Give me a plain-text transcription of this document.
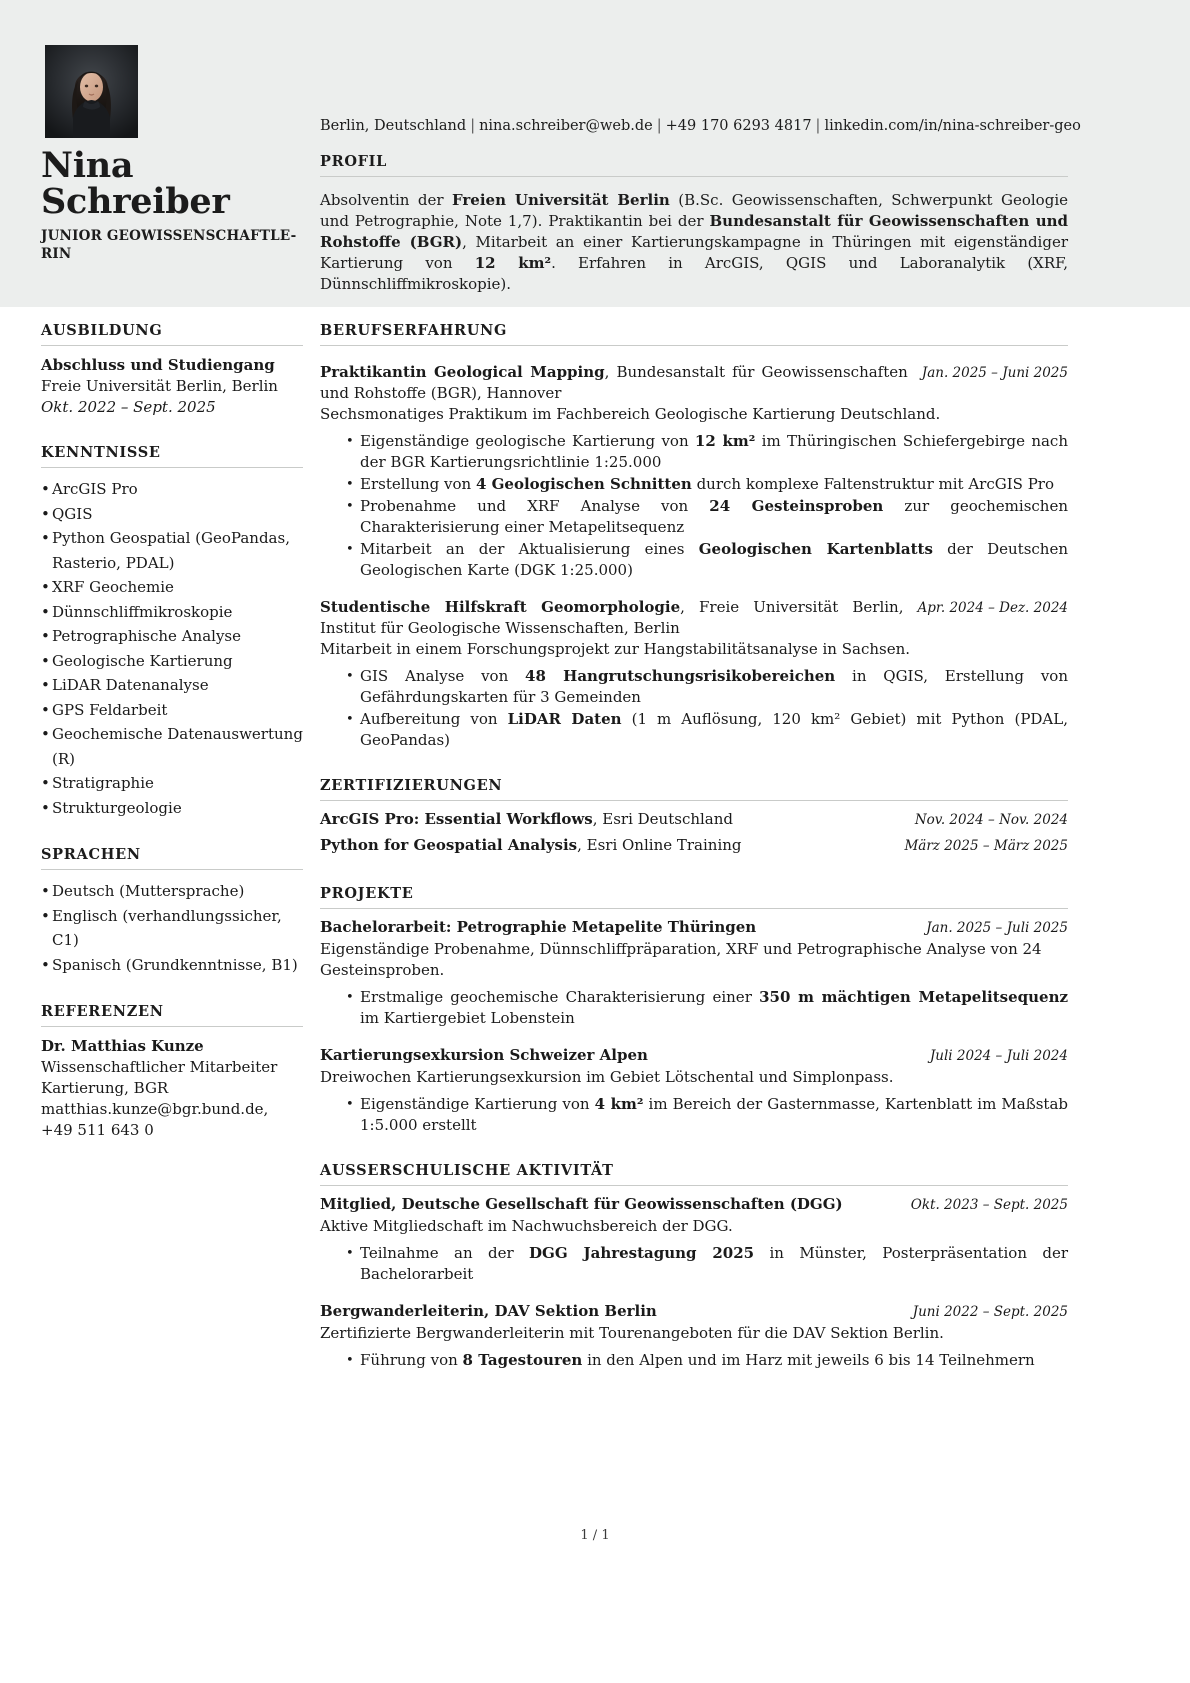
Nina Schreiber
JUNIOR GEOWISSENSCHAFTLE-RIN
Berlin, Deutschland | nina.schreiber@web.de | +49 170 6293 4817 | linkedin.com/in/nina-schreiber-geo
PROFIL
Absolventin der Freien Universität Berlin (B.Sc. Geowissenschaften, Schwerpunkt Geologie und Petrographie, Note 1,7). Praktikantin bei der Bundesanstalt für Geowissenschaften und Rohstoffe (BGR), Mitarbeit an einer Kartierungskampagne in Thüringen mit eigenständiger Kartierung von 12 km². Erfahren in ArcGIS, QGIS und Laboranalytik (XRF, Dünnschliffmikroskopie).
AUSBILDUNG
Abschluss und Studiengang
Freie Universität Berlin, Berlin
Okt. 2022 – Sept. 2025
KENNTNISSE
• ArcGIS Pro
• QGIS
• Python Geospatial (GeoPandas, Rasterio, PDAL)
• XRF Geochemie
• Dünnschliffmikroskopie
• Petrographische Analyse
• Geologische Kartierung
• LiDAR Datenanalyse
• GPS Feldarbeit
• Geochemische Datenauswertung (R)
• Stratigraphie
• Strukturgeologie
SPRACHEN
• Deutsch (Muttersprache)
• Englisch (verhandlungssicher, C1)
• Spanisch (Grundkenntnisse, B1)
REFERENZEN
Dr. Matthias Kunze
Wissenschaftlicher Mitarbeiter Kartierung, BGR
matthias.kunze@bgr.bund.de, +49 511 643 0
BERUFSERFAHRUNG
Praktikantin Geological Mapping, Bundesanstalt für Geowissenschaften und Rohstoffe (BGR), Hannover
Jan. 2025 – Juni 2025
Sechsmonatiges Praktikum im Fachbereich Geologische Kartierung Deutschland.
• Eigenständige geologische Kartierung von 12 km² im Thüringischen Schiefergebirge nach der BGR Kartierungsrichtlinie 1:25.000
• Erstellung von 4 Geologischen Schnitten durch komplexe Faltenstruktur mit ArcGIS Pro
• Probenahme und XRF Analyse von 24 Gesteinsproben zur geochemischen Charakterisierung einer Metapelitsequenz
• Mitarbeit an der Aktualisierung eines Geologischen Kartenblatts der Deutschen Geologischen Karte (DGK 1:25.000)
Studentische Hilfskraft Geomorphologie, Freie Universität Berlin, Institut für Geologische Wissenschaften, Berlin
Apr. 2024 – Dez. 2024
Mitarbeit in einem Forschungsprojekt zur Hangstabilitätsanalyse in Sachsen.
• GIS Analyse von 48 Hangrutschungsrisikobereichen in QGIS, Erstellung von Gefährdungskarten für 3 Gemeinden
• Aufbereitung von LiDAR Daten (1 m Auflösung, 120 km² Gebiet) mit Python (PDAL, GeoPandas)
ZERTIFIZIERUNGEN
ArcGIS Pro: Essential Workflows, Esri Deutschland	Nov. 2024 – Nov. 2024
Python for Geospatial Analysis, Esri Online Training	März 2025 – März 2025
PROJEKTE
Bachelorarbeit: Petrographie Metapelite Thüringen	Jan. 2025 – Juli 2025
Eigenständige Probenahme, Dünnschliffpräparation, XRF und Petrographische Analyse von 24 Gesteinsproben.
• Erstmalige geochemische Charakterisierung einer 350 m mächtigen Metapelitsequenz im Kartiergebiet Lobenstein
Kartierungsexkursion Schweizer Alpen	Juli 2024 – Juli 2024
Dreiwochen Kartierungsexkursion im Gebiet Lötschental und Simplonpass.
• Eigenständige Kartierung von 4 km² im Bereich der Gasternmasse, Kartenblatt im Maßstab 1:5.000 erstellt
AUSSERSCHULISCHE AKTIVITÄT
Mitglied, Deutsche Gesellschaft für Geowissenschaften (DGG)	Okt. 2023 – Sept. 2025
Aktive Mitgliedschaft im Nachwuchsbereich der DGG.
• Teilnahme an der DGG Jahrestagung 2025 in Münster, Posterpräsentation der Bachelorarbeit
Bergwanderleiterin, DAV Sektion Berlin	Juni 2022 – Sept. 2025
Zertifizierte Bergwanderleiterin mit Tourenangeboten für die DAV Sektion Berlin.
• Führung von 8 Tagestouren in den Alpen und im Harz mit jeweils 6 bis 14 Teilnehmern
1 / 1
